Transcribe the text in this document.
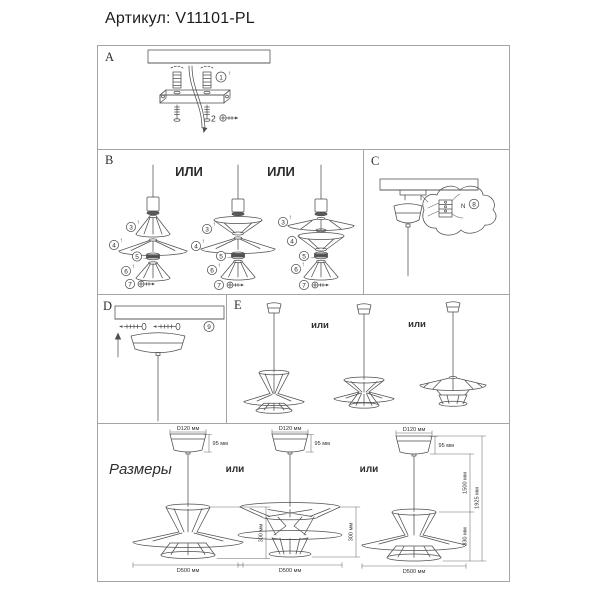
Артикул: V11101-PL
A
1
↑
2
B
ИЛИ	ИЛИ
3
↑
4
↑
5 →
6
↑
7
3
↑
4
↑
5 →
6
↑
7
3
↑
4
↑
5 →
6
↑
7
C
N 8
D
9
E
или	или
Размеры	или	или
D120 мм
95 мм
300 мм
D500 мм
D120 мм
95 мм
300 мм
D500 мм
D120 мм
95 мм
1500 мм
330 мм
1925 мм
D500 мм
